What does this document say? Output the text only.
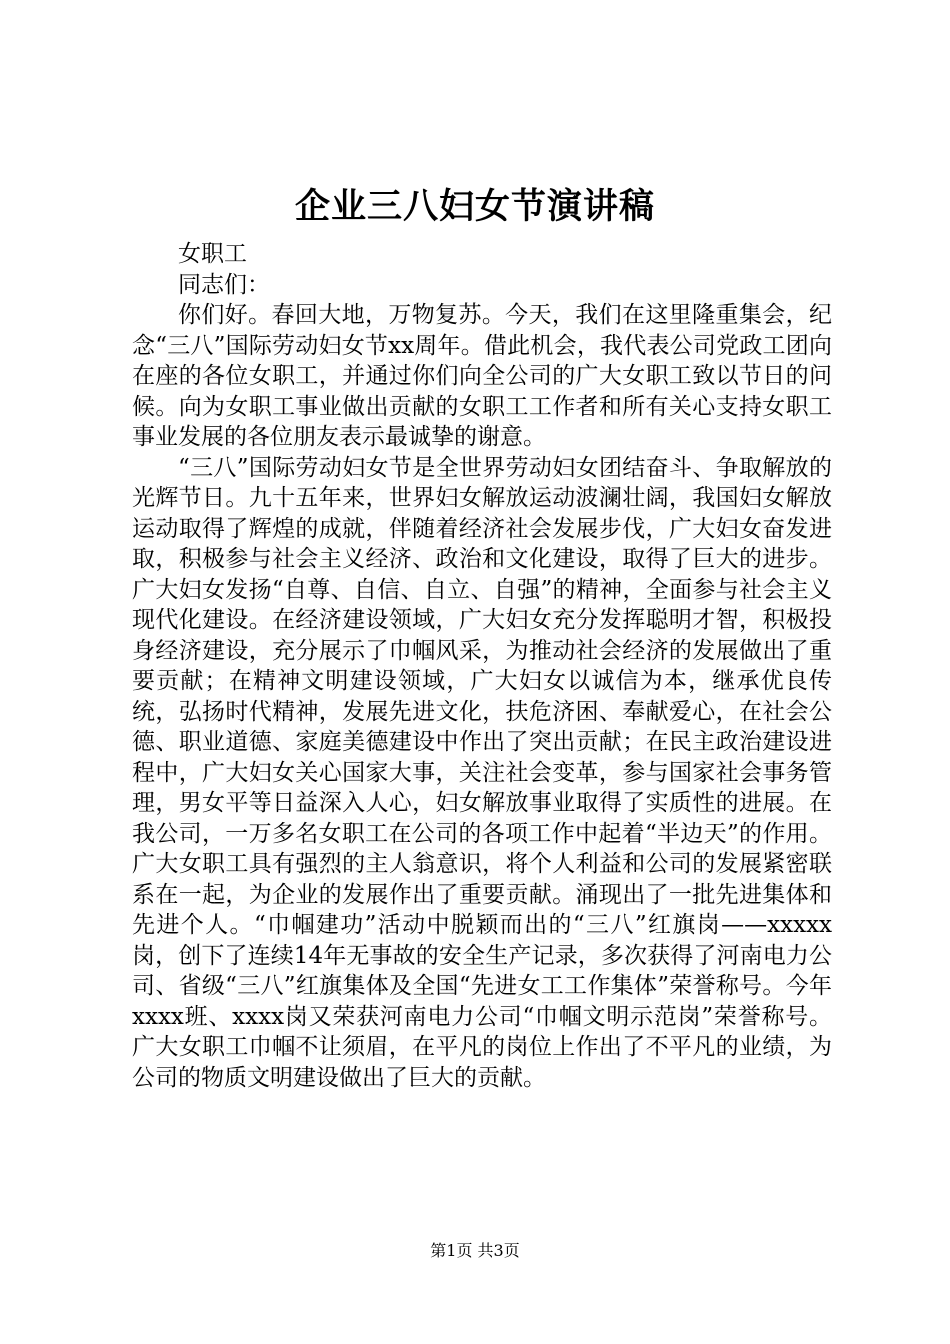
企业三八妇女节演讲稿

女职工

同志们：

你们好。春回大地，万物复苏。今天，我们在这里隆重集会，纪念“三八”国际劳动妇女节xx周年。借此机会，我代表公司党政工团向在座的各位女职工，并通过你们向全公司的广大女职工致以节日的问候。向为女职工事业做出贡献的女职工工作者和所有关心支持女职工事业发展的各位朋友表示最诚挚的谢意。

“三八”国际劳动妇女节是全世界劳动妇女团结奋斗、争取解放的光辉节日。九十五年来，世界妇女解放运动波澜壮阔，我国妇女解放运动取得了辉煌的成就，伴随着经济社会发展步伐，广大妇女奋发进取，积极参与社会主义经济、政治和文化建设，取得了巨大的进步。广大妇女发扬“自尊、自信、自立、自强”的精神，全面参与社会主义现代化建设。在经济建设领域，广大妇女充分发挥聪明才智，积极投身经济建设，充分展示了巾帼风采，为推动社会经济的发展做出了重要贡献；在精神文明建设领域，广大妇女以诚信为本，继承优良传统，弘扬时代精神，发展先进文化，扶危济困、奉献爱心，在社会公德、职业道德、家庭美德建设中作出了突出贡献；在民主政治建设进程中，广大妇女关心国家大事，关注社会变革，参与国家社会事务管理，男女平等日益深入人心，妇女解放事业取得了实质性的进展。在我公司，一万多名女职工在公司的各项工作中起着“半边天”的作用。广大女职工具有强烈的主人翁意识，将个人利益和公司的发展紧密联系在一起，为企业的发展作出了重要贡献。涌现出了一批先进集体和先进个人。“巾帼建功”活动中脱颖而出的“三八”红旗岗——xxxxx岗，创下了连续14年无事故的安全生产记录，多次获得了河南电力公司、省级“三八”红旗集体及全国“先进女工工作集体”荣誉称号。今年xxxx班、xxxx岗又荣获河南电力公司“巾帼文明示范岗”荣誉称号。广大女职工巾帼不让须眉，在平凡的岗位上作出了不平凡的业绩，为公司的物质文明建设做出了巨大的贡献。

第1页 共3页
